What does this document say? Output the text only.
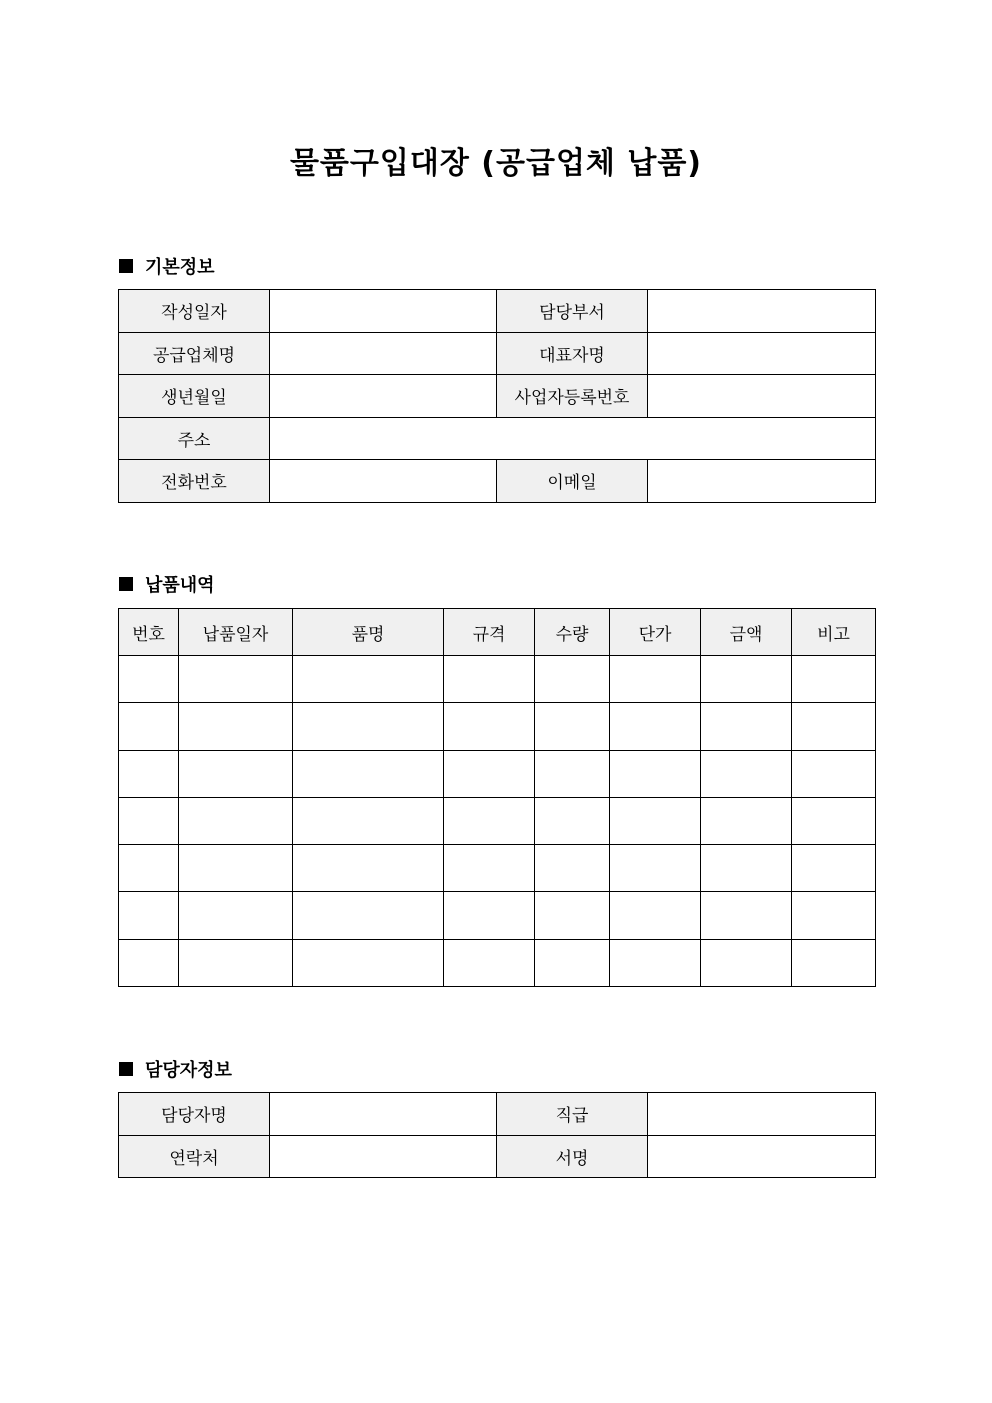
물품구입대장 (공급업체 납품)
기본정보
작성일자		담당부서	
공급업체명		대표자명	
생년월일		사업자등록번호	
주소			
전화번호		이메일	
납품내역
번호	납품일자	품명	규격	수량	단가	금액	비고

담당자정보
담당자명		직급	
연락처		서명	
